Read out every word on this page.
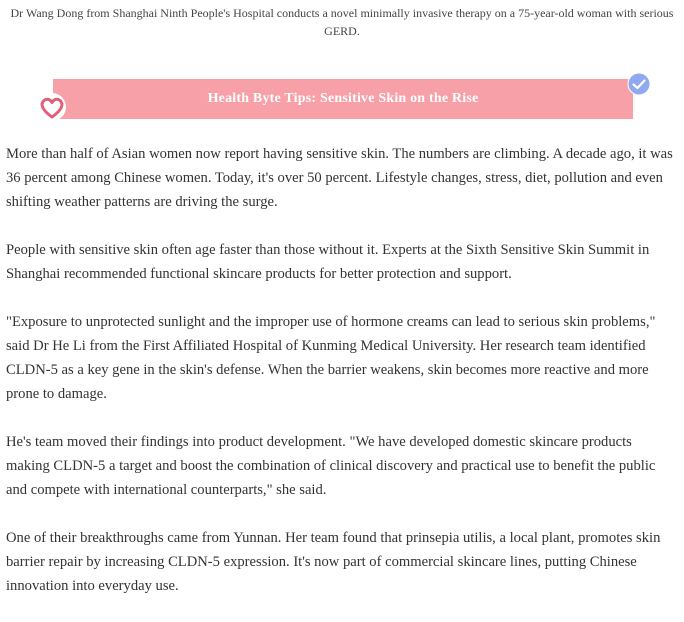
Dr Wang Dong from Shanghai Ninth People's Hospital conducts a novel minimally invasive therapy on a 75-year-old woman with serious GERD.
Health Byte Tips: Sensitive Skin on the Rise

More than half of Asian women now report having sensitive skin. The numbers are climbing. A decade ago, it was 36 percent among Chinese women. Today, it's over 50 percent. Lifestyle changes, stress, diet, pollution and even shifting weather patterns are driving the surge.

People with sensitive skin often age faster than those without it. Experts at the Sixth Sensitive Skin Summit in Shanghai recommended functional skincare products for better protection and support.

"Exposure to unprotected sunlight and the improper use of hormone creams can lead to serious skin problems," said Dr He Li from the First Affiliated Hospital of Kunming Medical University. Her research team identified CLDN-5 as a key gene in the skin's defense. When the barrier weakens, skin becomes more reactive and more prone to damage.

He's team moved their findings into product development. "We have developed domestic skincare products making CLDN-5 a target and boost the combination of clinical discovery and practical use to benefit the public and compete with international counterparts," she said.

One of their breakthroughs came from Yunnan. Her team found that prinsepia utilis, a local plant, promotes skin barrier repair by increasing CLDN-5 expression. It's now part of commercial skincare lines, putting Chinese innovation into everyday use.
